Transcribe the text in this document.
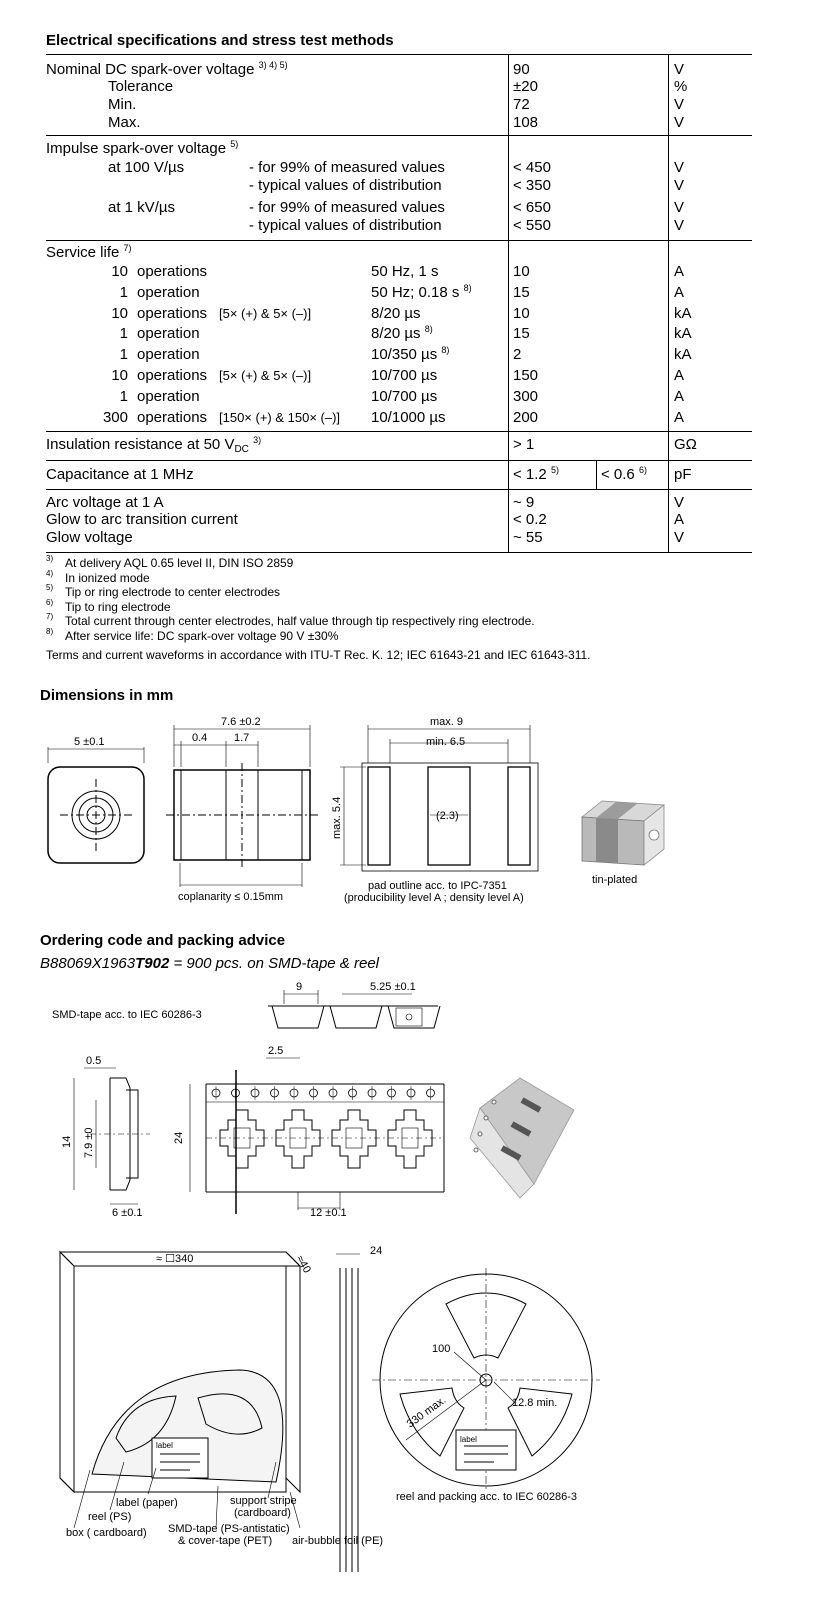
Electrical specifications and stress test methods
Nominal DC spark-over voltage $^{3) 4) 5)}$	90	V
Tolerance	±20	%
Min.	72	V
Max.	108	V
Impulse spark-over voltage $^{5)}$
at 100 V/µs	- for 99% of measured values	< 450	V
- typical values of distribution	< 350	V
at 1 kV/µs	- for 99% of measured values	< 650	V
- typical values of distribution	< 550	V
Service life $^{7)}$
10 operations	50 Hz, 1 s	10	A
1 operation	50 Hz; 0.18 s $^{8)}$	15	A
10 operations [5× (+) & 5× (–)]	8/20 µs	10	kA
1 operation	8/20 µs $^{8)}$	15	kA
1 operation	10/350 µs $^{8)}$	2	kA
10 operations [5× (+) & 5× (–)]	10/700 µs	150	A
1 operation	10/700 µs	300	A
300 operations [150× (+) & 150× (–)] 10/1000 µs	200	A
Insulation resistance at 50 $V_{DC}$ $^{3)}$	> 1	GΩ
Capacitance at 1 MHz	< 1.2 $^{5)}$	< 0.6 $^{6)}$ pF
Arc voltage at 1 A	~ 9	V
Glow to arc transition current	< 0.2	A
Glow voltage	~ 55	V
3) At delivery AQL 0.65 level II, DIN ISO 2859
4) In ionized mode
5) Tip or ring electrode to center electrodes
6) Tip to ring electrode
7) Total current through center electrodes, half value through tip respectively ring electrode.
8) After service life: DC spark-over voltage 90 V ±30%
Terms and current waveforms in accordance with ITU-T Rec. K. 12; IEC 61643-21 and IEC 61643-311.
Dimensions in mm
5 ±0.1
7.6 ±0.2
0.4 1.7
coplanarity ≤ 0.15mm
max. 9
min. 6.5
max. 5.4	(2.3)
pad outline acc. to IPC-7351
(producibility level A ; density level A)
tin-plated
Ordering code and packing advice
B88069X1963T902 = 900 pcs. on SMD-tape & reel
SMD-tape acc. to IEC 60286-3
9	5.25 ±0.1
2.5
0.5
14 7.9 ±0
6 ±0.1
24
12 ±0.1
≈ ☐340	≈40
24
100
330 max.	12.8 min.
label
label
label (paper)
reel (PS)
box ( cardboard)
support stripe
(cardboard)
SMD-tape (PS-antistatic)
& cover-tape (PET) air-bubble foil (PE)
reel and packing acc. to IEC 60286-3
